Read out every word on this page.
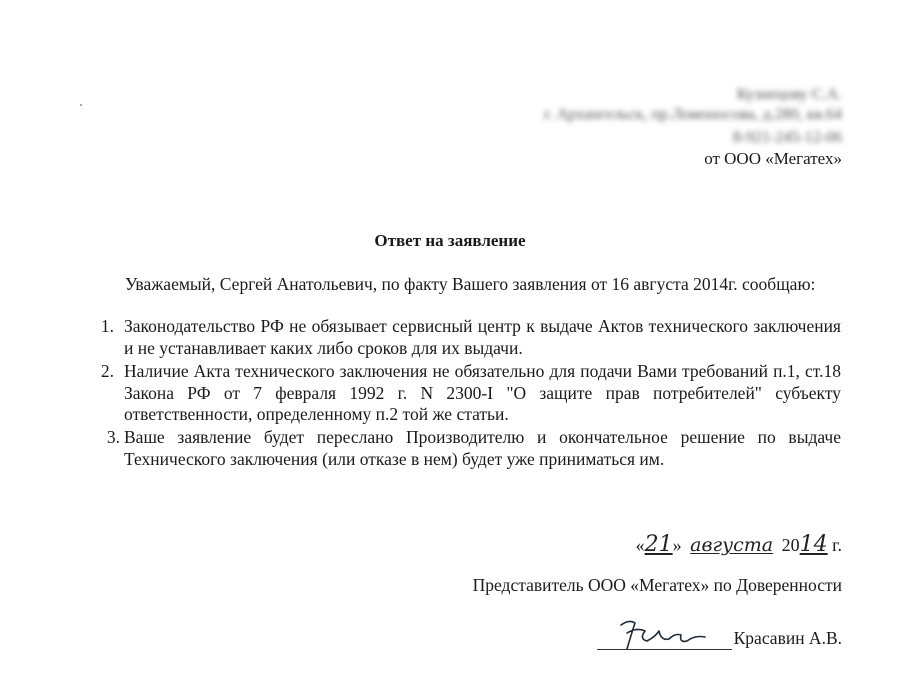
Кузнецову С.А.
г. Архангельск, пр.Ломоносова, д.280, кв.64
8-921-245-12-06
от ООО «Мегатех»
Ответ на заявление
Уважаемый, Сергей Анатольевич, по факту Вашего заявления от 16 августа 2014г. сообщаю:
1. Законодательство РФ не обязывает сервисный центр к выдаче Актов технического заключения и не устанавливает каких либо сроков для их выдачи.
2. Наличие Акта технического заключения не обязательно для подачи Вами требований п.1, ст.18 Закона РФ от 7 февраля 1992 г. N 2300-I "О защите прав потребителей" субъекту ответственности, определенному п.2 той же статьи.
3. Ваше заявление будет переслано Производителю и окончательное решение по выдаче Технического заключения (или отказе в нем) будет уже приниматься им.
«21» августа 2014 г.
Представитель ООО «Мегатех» по Доверенности
Красавин А.В.
